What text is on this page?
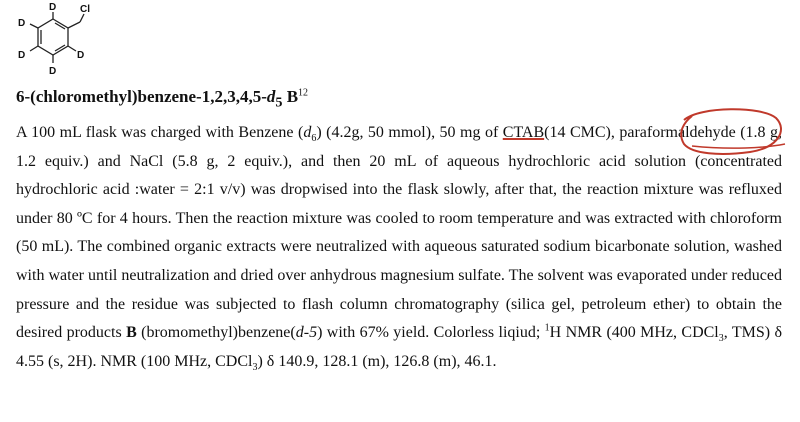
D Cl
D
D	D
D
$6-(chloromethyl)benzene-1,2,3,4,5-d_5$ $B^{12}$
A 100 mL flask was charged with Benzene $(d_6)$ (4.2g, 50 mmol), 50 mg of CTAB(14 CMC), paraformaldehyde (1.8 g, 1.2 equiv.) and NaCl (5.8 g, 2 equiv.), and then 20 mL of aqueous hydrochloric acid solution (concentrated hydrochloric acid :water = 2:1 v/v) was dropwised into the flask slowly, after that, the reaction mixture was refluxed under 80 ºC for 4 hours. Then the reaction mixture was cooled to room temperature and was extracted with chloroform (50 mL). The combined organic extracts were neutralized with aqueous saturated sodium bicarbonate solution, washed with water until neutralization and dried over anhydrous magnesium sulfate. The solvent was evaporated under reduced pressure and the residue was subjected to flash column chromatography (silica gel, petroleum ether) to obtain the desired products B (bromomethyl)benzene(d-5) with 67% yield. Colorless liqiud; $^1$H NMR (400 MHz, CDCl$_3$, TMS) δ 4.55 (s, 2H). NMR (100 MHz, CDCl$_3$) δ 140.9, 128.1 (m), 126.8 (m), 46.1.
